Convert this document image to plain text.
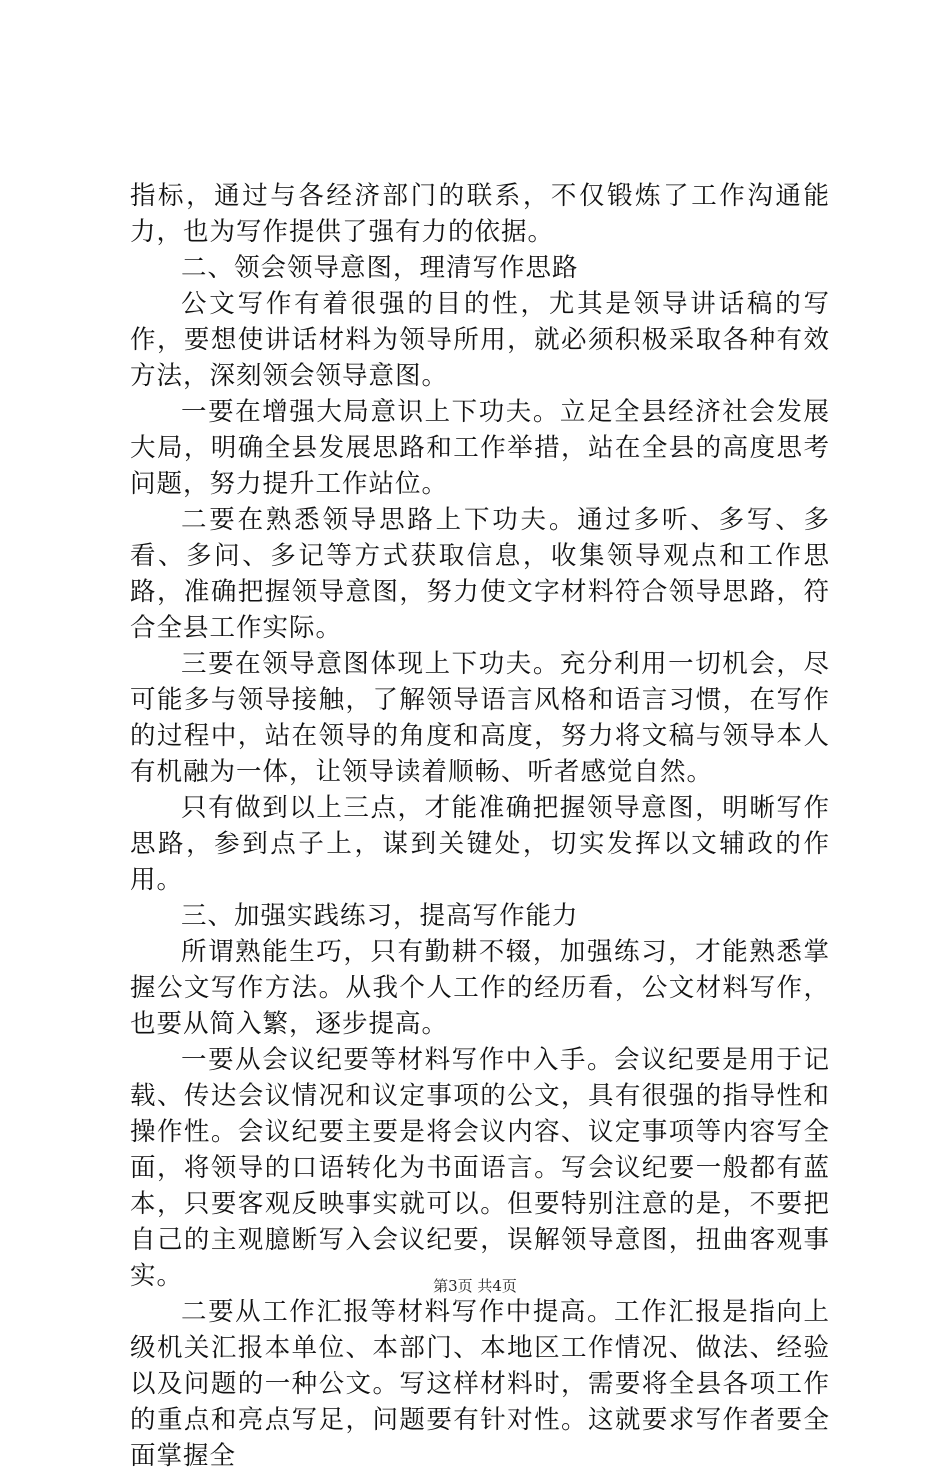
指标，通过与各经济部门的联系，不仅锻炼了工作沟通能力，也为写作提供了强有力的依据。

二、领会领导意图，理清写作思路

公文写作有着很强的目的性，尤其是领导讲话稿的写作，要想使讲话材料为领导所用，就必须积极采取各种有效方法，深刻领会领导意图。

一要在增强大局意识上下功夫。立足全县经济社会发展大局，明确全县发展思路和工作举措，站在全县的高度思考问题，努力提升工作站位。

二要在熟悉领导思路上下功夫。通过多听、多写、多看、多问、多记等方式获取信息，收集领导观点和工作思路，准确把握领导意图，努力使文字材料符合领导思路，符合全县工作实际。

三要在领导意图体现上下功夫。充分利用一切机会，尽可能多与领导接触，了解领导语言风格和语言习惯，在写作的过程中，站在领导的角度和高度，努力将文稿与领导本人有机融为一体，让领导读着顺畅、听者感觉自然。

只有做到以上三点，才能准确把握领导意图，明晰写作思路，参到点子上，谋到关键处，切实发挥以文辅政的作用。

三、加强实践练习，提高写作能力

所谓熟能生巧，只有勤耕不辍，加强练习，才能熟悉掌握公文写作方法。从我个人工作的经历看，公文材料写作，也要从简入繁，逐步提高。

一要从会议纪要等材料写作中入手。会议纪要是用于记载、传达会议情况和议定事项的公文，具有很强的指导性和操作性。会议纪要主要是将会议内容、议定事项等内容写全面，将领导的口语转化为书面语言。写会议纪要一般都有蓝本，只要客观反映事实就可以。但要特别注意的是，不要把自己的主观臆断写入会议纪要，误解领导意图，扭曲客观事实。

二要从工作汇报等材料写作中提高。工作汇报是指向上级机关汇报本单位、本部门、本地区工作情况、做法、经验以及问题的一种公文。写这样材料时，需要将全县各项工作的重点和亮点写足，问题要有针对性。这就要求写作者要全面掌握全

第3页 共4页
